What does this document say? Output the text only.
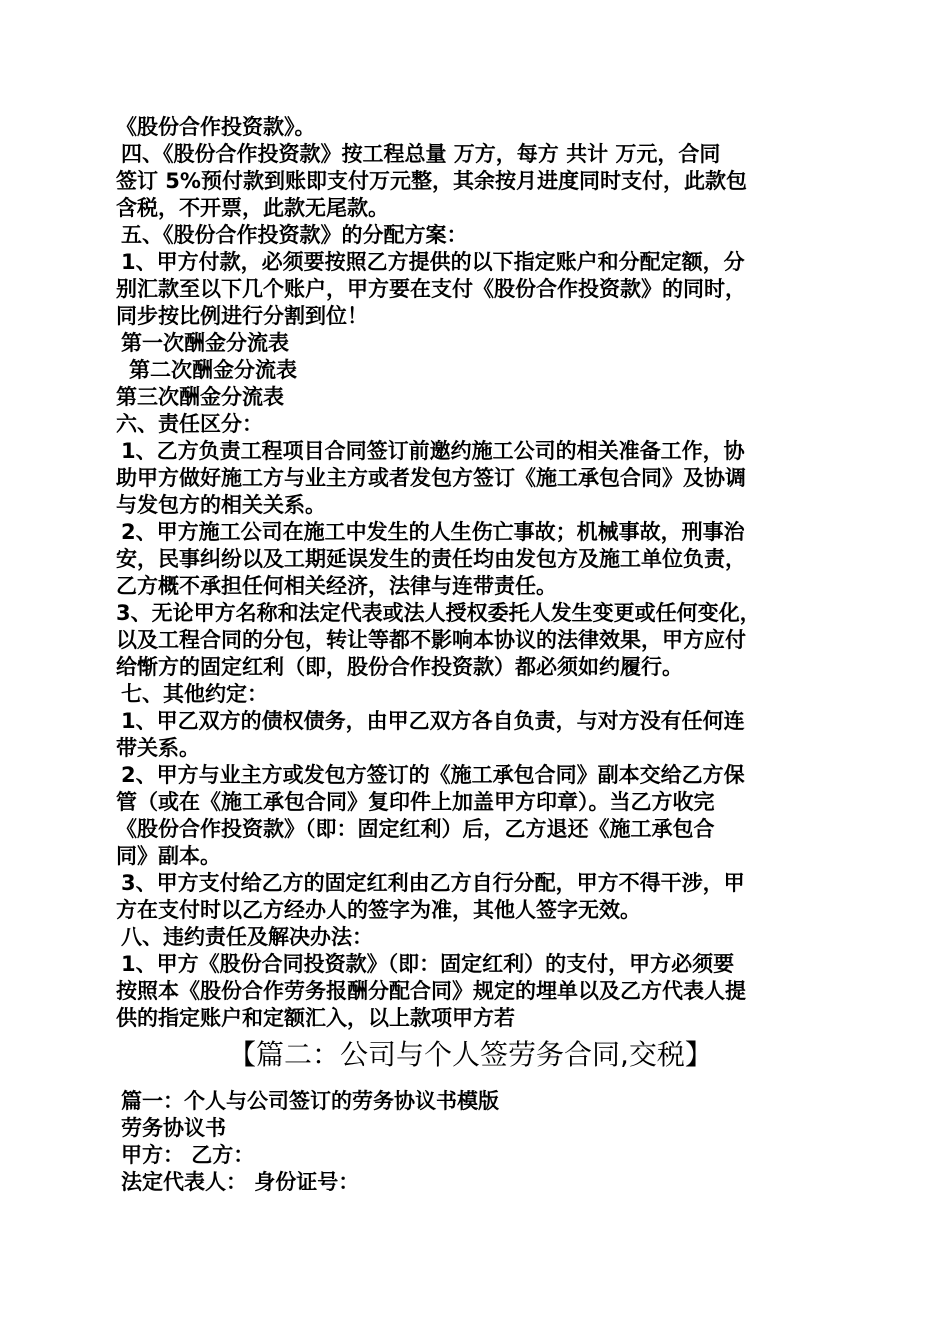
《股份合作投资款》。
四、《股份合作投资款》按工程总量 万方，每方 共计 万元，合同
签订 5%预付款到账即支付万元整，其余按月进度同时支付，此款包
含税，不开票，此款无尾款。
五、《股份合作投资款》的分配方案：
1、甲方付款，必须要按照乙方提供的以下指定账户和分配定额，分
别汇款至以下几个账户，甲方要在支付《股份合作投资款》的同时，
同步按比例进行分割到位！
第一次酬金分流表
第二次酬金分流表
第三次酬金分流表
六、责任区分：
1、乙方负责工程项目合同签订前邀约施工公司的相关准备工作，协
助甲方做好施工方与业主方或者发包方签订《施工承包合同》及协调
与发包方的相关关系。
2、甲方施工公司在施工中发生的人生伤亡事故；机械事故，刑事治
安，民事纠纷以及工期延误发生的责任均由发包方及施工单位负责，
乙方概不承担任何相关经济，法律与连带责任。
3、无论甲方名称和法定代表或法人授权委托人发生变更或任何变化，
以及工程合同的分包，转让等都不影响本协议的法律效果，甲方应付
给惭方的固定红利（即，股份合作投资款）都必须如约履行。
七、其他约定：
1、甲乙双方的债权债务，由甲乙双方各自负责，与对方没有任何连
带关系。
2、甲方与业主方或发包方签订的《施工承包合同》副本交给乙方保
管（或在《施工承包合同》复印件上加盖甲方印章）。当乙方收完
《股份合作投资款》（即：固定红利）后，乙方退还《施工承包合
同》副本。
3、甲方支付给乙方的固定红利由乙方自行分配，甲方不得干涉，甲
方在支付时以乙方经办人的签字为准，其他人签字无效。
八、违约责任及解决办法：
1、甲方《股份合同投资款》（即：固定红利）的支付，甲方必须要
按照本《股份合作劳务报酬分配合同》规定的埋单以及乙方代表人提
供的指定账户和定额汇入，以上款项甲方若
【篇二：公司与个人签劳务合同,交税】
篇一：个人与公司签订的劳务协议书模版
劳务协议书
甲方： 乙方：
法定代表人： 身份证号：
